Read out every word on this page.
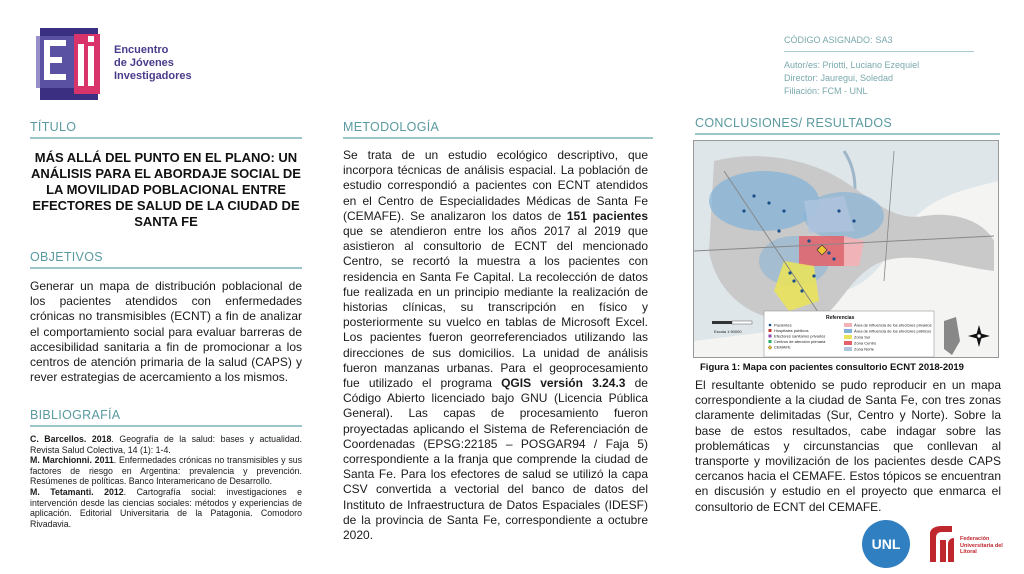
Encuentro
de Jóvenes
Investigadores
CÓDIGO ASIGNADO: SA3
Autor/es: Priotti, Luciano Ezequiel
Director: Jauregui, Soledad
Filiación: FCM - UNL
TÍTULO
MÁS ALLÁ DEL PUNTO EN EL PLANO: UN ANÁLISIS PARA EL ABORDAJE SOCIAL DE LA MOVILIDAD POBLACIONAL ENTRE EFECTORES DE SALUD DE LA CIUDAD DE SANTA FE
OBJETIVOS
Generar un mapa de distribución poblacional de los pacientes atendidos con enfermedades crónicas no transmisibles (ECNT) a fin de analizar el comportamiento social para evaluar barreras de accesibilidad sanitaria a fin de promocionar a los centros de atención primaria de la salud (CAPS) y rever estrategias de acercamiento a los mismos.
BIBLIOGRAFÍA

C. Barcellos. 2018. Geografía de la salud: bases y actualidad. Revista Salud Colectiva, 14 (1): 1-4.

M. Marchionni. 2011. Enfermedades crónicas no transmisibles y sus factores de riesgo en Argentina: prevalencia y prevención. Resúmenes de políticas. Banco Interamericano de Desarrollo.

M. Tetamanti. 2012. Cartografía social: investigaciones e intervención desde las ciencias sociales: métodos y experiencias de aplicación. Editorial Universitaria de la Patagonia. Comodoro Rivadavia.

METODOLOGÍA
Se trata de un estudio ecológico descriptivo, que incorpora técnicas de análisis espacial. La población de estudio correspondió a pacientes con ECNT atendidos en el Centro de Especialidades Médicas de Santa Fe (CEMAFE). Se analizaron los datos de 151 pacientes que se atendieron entre los años 2017 al 2019 que asistieron al consultorio de ECNT del mencionado Centro, se recortó la muestra a los pacientes con residencia en Santa Fe Capital. La recolección de datos fue realizada en un principio mediante la realización de historias clínicas, su transcripción en físico y posteriormente su vuelco en tablas de Microsoft Excel. Los pacientes fueron georreferenciados utilizando las direcciones de sus domicilios. La unidad de análisis fueron manzanas urbanas. Para el geoprocesamiento fue utilizado el programa QGIS versión 3.24.3 de Código Abierto licenciado bajo GNU (Licencia Pública General). Las capas de procesamiento fueron proyectadas aplicando el Sistema de Referenciación de Coordenadas (EPSG:22185 – POSGAR94 / Faja 5) correspondiente a la franja que comprende la ciudad de Santa Fe. Para los efectores de salud se utilizó la capa CSV convertida a vectorial del banco de datos del Instituto de Infraestructura de Datos Espaciales (IDESF) de la provincia de Santa Fe, correspondiente a octubre 2020.
CONCLUSIONES/ RESULTADOS
Referencias
Pacientes
Hospitales públicos
Efectores sanitarios privados
Centros de atención primaria
CEMAFE
Área de influencia de los efectores privados
Área de influencia de los efectores públicos
Zona Sur
Zona Centro
Zona Norte
Escala 1:90000
Figura 1: Mapa con pacientes consultorio ECNT 2018-2019
El resultante obtenido se pudo reproducir en un mapa correspondiente a la ciudad de Santa Fe, con tres zonas claramente delimitadas (Sur, Centro y Norte). Sobre la base de estos resultados, cabe indagar sobre las problemáticas y circunstancias que conllevan al transporte y movilización de los pacientes desde CAPS cercanos hacia el CEMAFE. Estos tópicos se encuentran en discusión y estudio en el proyecto que enmarca el consultorio de ECNT del CEMAFE.
UNL	Federación Universitaria del Litoral
